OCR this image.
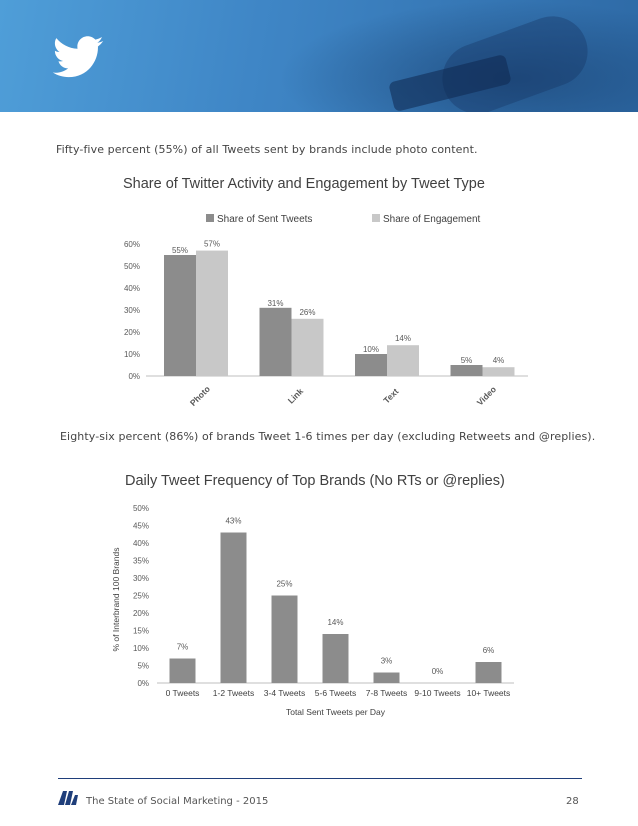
Fifty-five percent (55%) of all Tweets sent by brands include photo content.
Share of Twitter Activity and Engagement by Tweet Type
0%
10%
20%
30%
40%
50%
60%
55%
57%
Photo
31%
26%
Link
10%
14%
Text
5%	4%
Video
Share of Sent Tweets	Share of Engagement
Eighty-six percent (86%) of brands Tweet 1-6 times per day (excluding Retweets and @replies).
Daily Tweet Frequency of Top Brands (No RTs or @replies)
0%
5%
10%
15%
20%
25%
30%
35%
40%
45%
50%
7%
0 Tweets
43%
1-2 Tweets
25%
3-4 Tweets
14%
5-6 Tweets
3%
7-8 Tweets
0%
9-10 Tweets
6%
10+ Tweets
Total Sent Tweets per Day
% of Interbrand 100 Brands
The State of Social Marketing - 2015	28
